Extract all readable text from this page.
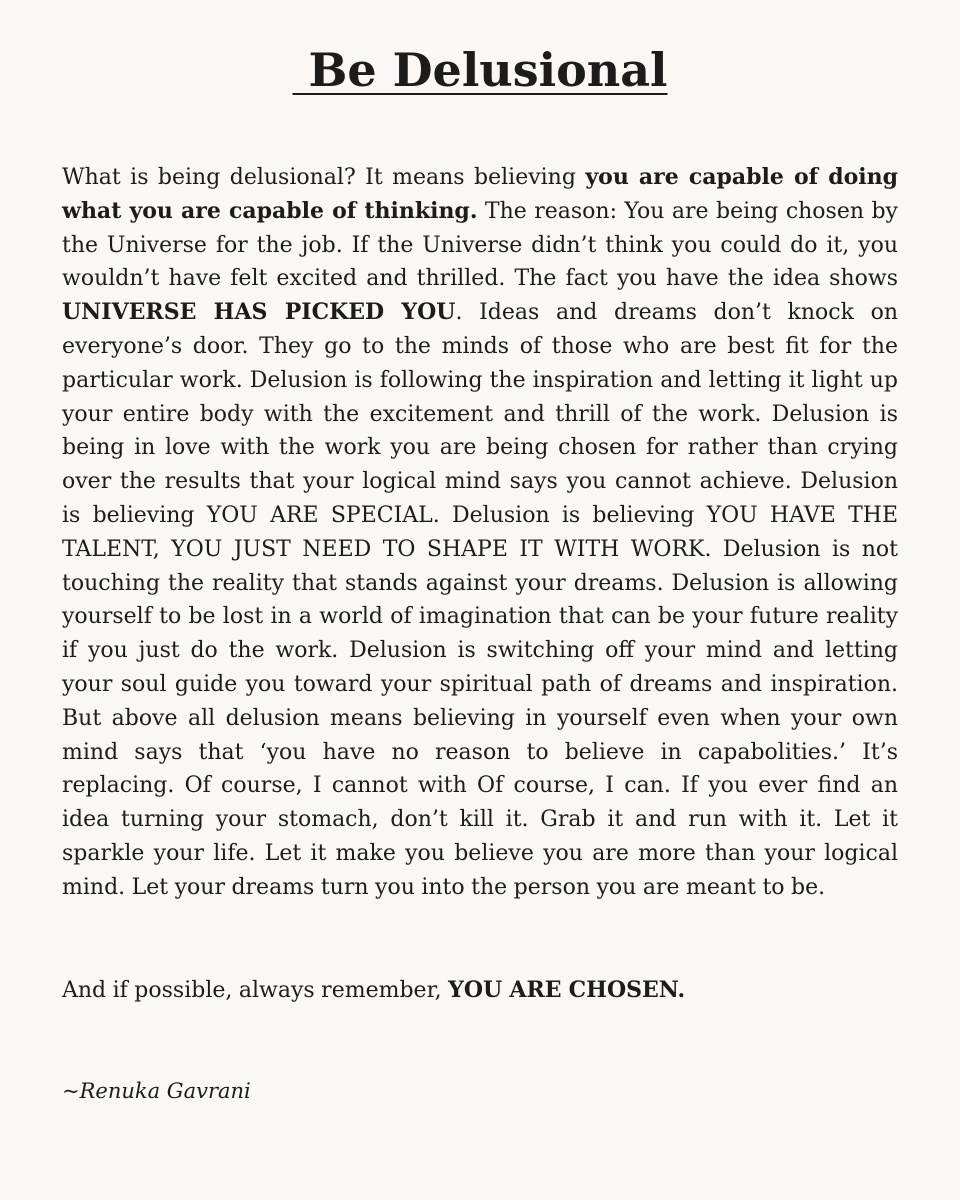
Be Delusional

What is being delusional? It means believing you are capable of doing what you are capable of thinking. The reason: You are being chosen by the Universe for the job. If the Universe didn’t think you could do it, you wouldn’t have felt excited and thrilled. The fact you have the idea shows UNIVERSE HAS PICKED YOU. Ideas and dreams don’t knock on everyone’s door. They go to the minds of those who are best fit for the particular work. Delusion is following the inspiration and letting it light up your entire body with the excitement and thrill of the work. Delusion is being in love with the work you are being chosen for rather than crying over the results that your logical mind says you cannot achieve. Delusion is believing YOU ARE SPECIAL. Delusion is believing YOU HAVE THE TALENT, YOU JUST NEED TO SHAPE IT WITH WORK. Delusion is not touching the reality that stands against your dreams. Delusion is allowing yourself to be lost in a world of imagination that can be your future reality if you just do the work. Delusion is switching off your mind and letting your soul guide you toward your spiritual path of dreams and inspiration. But above all delusion means believing in yourself even when your own mind says that ‘you have no reason to believe in capabolities.’ It’s replacing. Of course, I cannot with Of course, I can. If you ever find an idea turning your stomach, don’t kill it. Grab it and run with it. Let it sparkle your life. Let it make you believe you are more than your logical mind. Let your dreams turn you into the person you are meant to be.

And if possible, always remember, YOU ARE CHOSEN.

~Renuka Gavrani
